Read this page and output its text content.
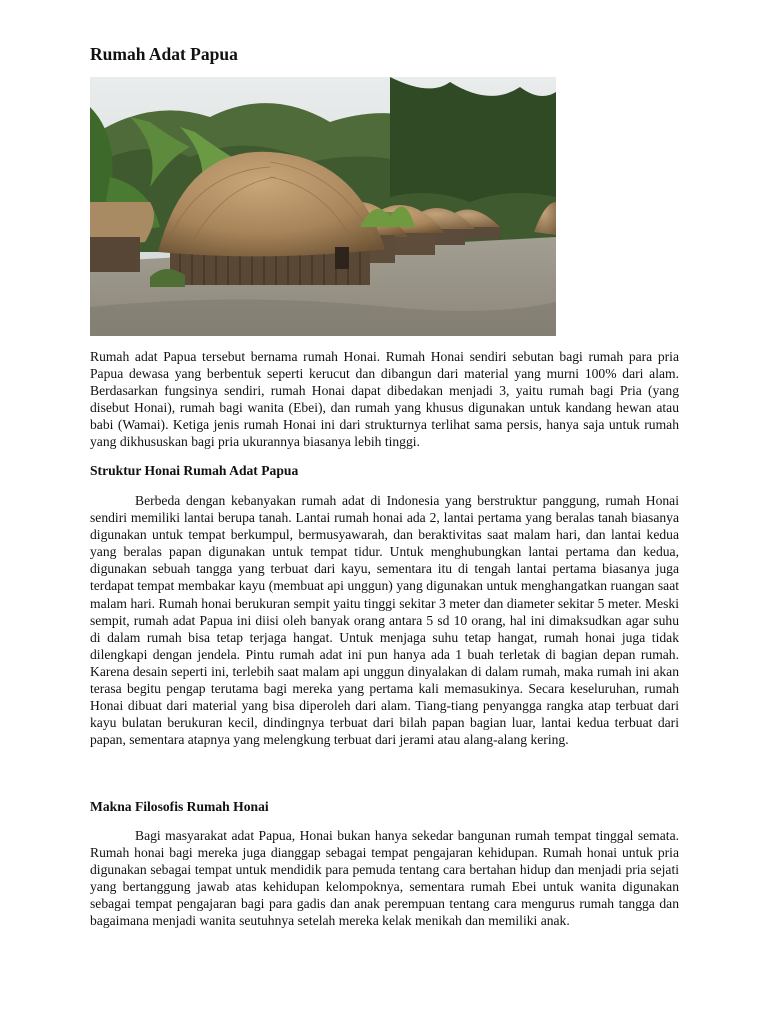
Rumah Adat Papua

Rumah adat Papua tersebut bernama rumah Honai. Rumah Honai sendiri sebutan bagi rumah para pria Papua dewasa yang berbentuk seperti kerucut dan dibangun dari material yang murni 100% dari alam. Berdasarkan fungsinya sendiri, rumah Honai dapat dibedakan menjadi 3, yaitu rumah bagi Pria (yang disebut Honai), rumah bagi wanita (Ebei), dan rumah yang khusus digunakan untuk kandang hewan atau babi (Wamai). Ketiga jenis rumah Honai ini dari strukturnya terlihat sama persis, hanya saja untuk rumah yang dikhususkan bagi pria ukurannya biasanya lebih tinggi.

Struktur Honai Rumah Adat Papua

Berbeda dengan kebanyakan rumah adat di Indonesia yang berstruktur panggung, rumah Honai sendiri memiliki lantai berupa tanah. Lantai rumah honai ada 2, lantai pertama yang beralas tanah biasanya digunakan untuk tempat berkumpul, bermusyawarah, dan beraktivitas saat malam hari, dan lantai kedua yang beralas papan digunakan untuk tempat tidur. Untuk menghubungkan lantai pertama dan kedua, digunakan sebuah tangga yang terbuat dari kayu, sementara itu di tengah lantai pertama biasanya juga terdapat tempat membakar kayu (membuat api unggun) yang digunakan untuk menghangatkan ruangan saat malam hari. Rumah honai berukuran sempit yaitu tinggi sekitar 3 meter dan diameter sekitar 5 meter. Meski sempit, rumah adat Papua ini diisi oleh banyak orang antara 5 sd 10 orang, hal ini dimaksudkan agar suhu di dalam rumah bisa tetap terjaga hangat. Untuk menjaga suhu tetap hangat, rumah honai juga tidak dilengkapi dengan jendela. Pintu rumah adat ini pun hanya ada 1 buah terletak di bagian depan rumah. Karena desain seperti ini, terlebih saat malam api unggun dinyalakan di dalam rumah, maka rumah ini akan terasa begitu pengap terutama bagi mereka yang pertama kali memasukinya. Secara keseluruhan, rumah Honai dibuat dari material yang bisa diperoleh dari alam. Tiang-tiang penyangga rangka atap terbuat dari kayu bulatan berukuran kecil, dindingnya terbuat dari bilah papan bagian luar, lantai kedua terbuat dari papan, sementara atapnya yang melengkung terbuat dari jerami atau alang-alang kering.

Makna Filosofis Rumah Honai

Bagi masyarakat adat Papua, Honai bukan hanya sekedar bangunan rumah tempat tinggal semata. Rumah honai bagi mereka juga dianggap sebagai tempat pengajaran kehidupan. Rumah honai untuk pria digunakan sebagai tempat untuk mendidik para pemuda tentang cara bertahan hidup dan menjadi pria sejati yang bertanggung jawab atas kehidupan kelompoknya, sementara rumah Ebei untuk wanita digunakan sebagai tempat pengajaran bagi para gadis dan anak perempuan tentang cara mengurus rumah tangga dan bagaimana menjadi wanita seutuhnya setelah mereka kelak menikah dan memiliki anak.
